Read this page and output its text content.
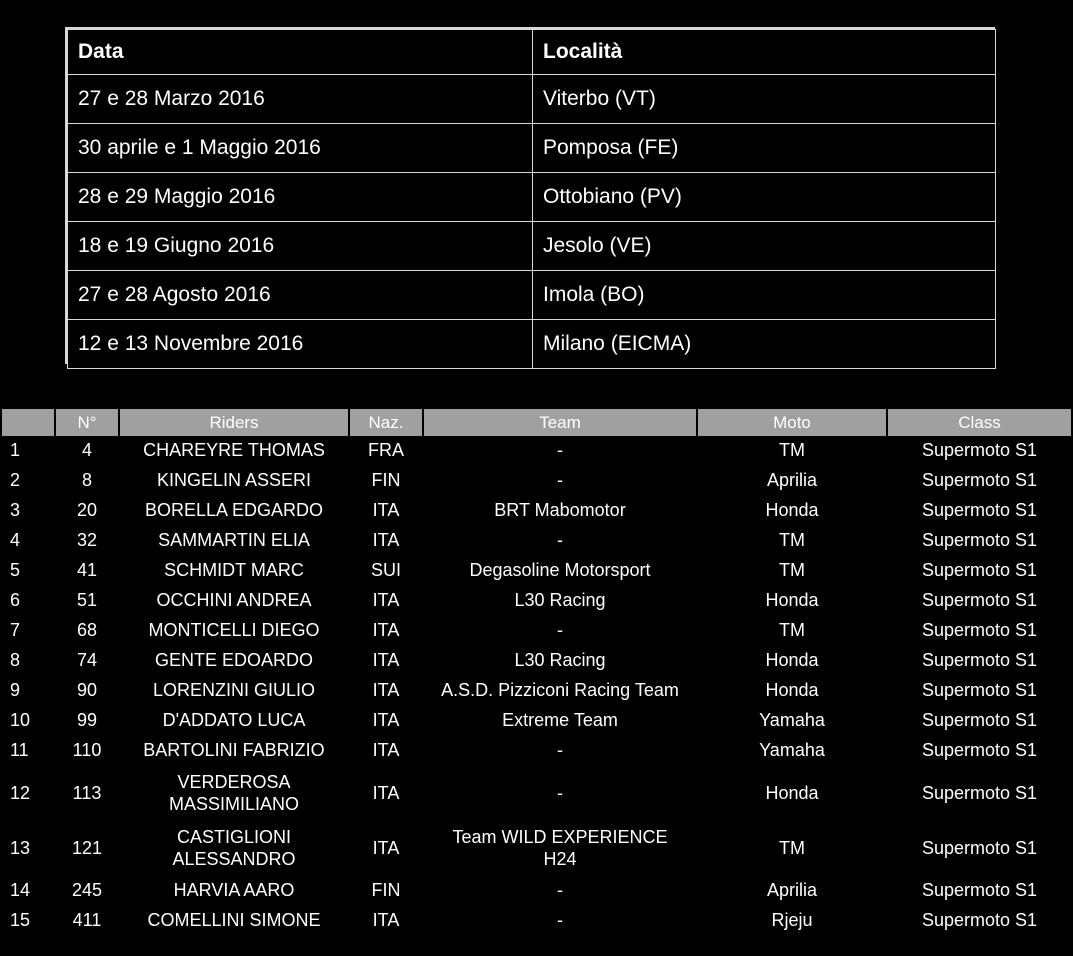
Data	Località
27 e 28 Marzo 2016	Viterbo (VT)
30 aprile e 1 Maggio 2016	Pomposa (FE)
28 e 29 Maggio 2016	Ottobiano (PV)
18 e 19 Giugno 2016	Jesolo (VE)
27 e 28 Agosto 2016	Imola (BO)
12 e 13 Novembre 2016	Milano (EICMA)
	N°	Riders	Naz.	Team	Moto	Class

1	4	CHAREYRE THOMAS	FRA	-	TM	Supermoto S1

2	8	KINGELIN ASSERI	FIN	-	Aprilia	Supermoto S1

3	20	BORELLA EDGARDO	ITA	BRT Mabomotor	Honda	Supermoto S1

4	32	SAMMARTIN ELIA	ITA	-	TM	Supermoto S1

5	41	SCHMIDT MARC	SUI	Degasoline Motorsport	TM	Supermoto S1

6	51	OCCHINI ANDREA	ITA	L30 Racing	Honda	Supermoto S1

7	68	MONTICELLI DIEGO	ITA	-	TM	Supermoto S1

8	74	GENTE EDOARDO	ITA	L30 Racing	Honda	Supermoto S1

9	90	LORENZINI GIULIO	ITA	A.S.D. Pizziconi Racing Team	Honda	Supermoto S1

10	99	D'ADDATO LUCA	ITA	Extreme Team	Yamaha	Supermoto S1

11	110	BARTOLINI FABRIZIO	ITA	-	Yamaha	Supermoto S1

12	113	VERDEROSA
MASSIMILIANO	ITA	-	Honda	Supermoto S1

13	121	CASTIGLIONI
ALESSANDRO	ITA	Team WILD EXPERIENCE
H24	TM	Supermoto S1

14	245	HARVIA AARO	FIN	-	Aprilia	Supermoto S1

15	411	COMELLINI SIMONE	ITA	-	Rjeju	Supermoto S1
